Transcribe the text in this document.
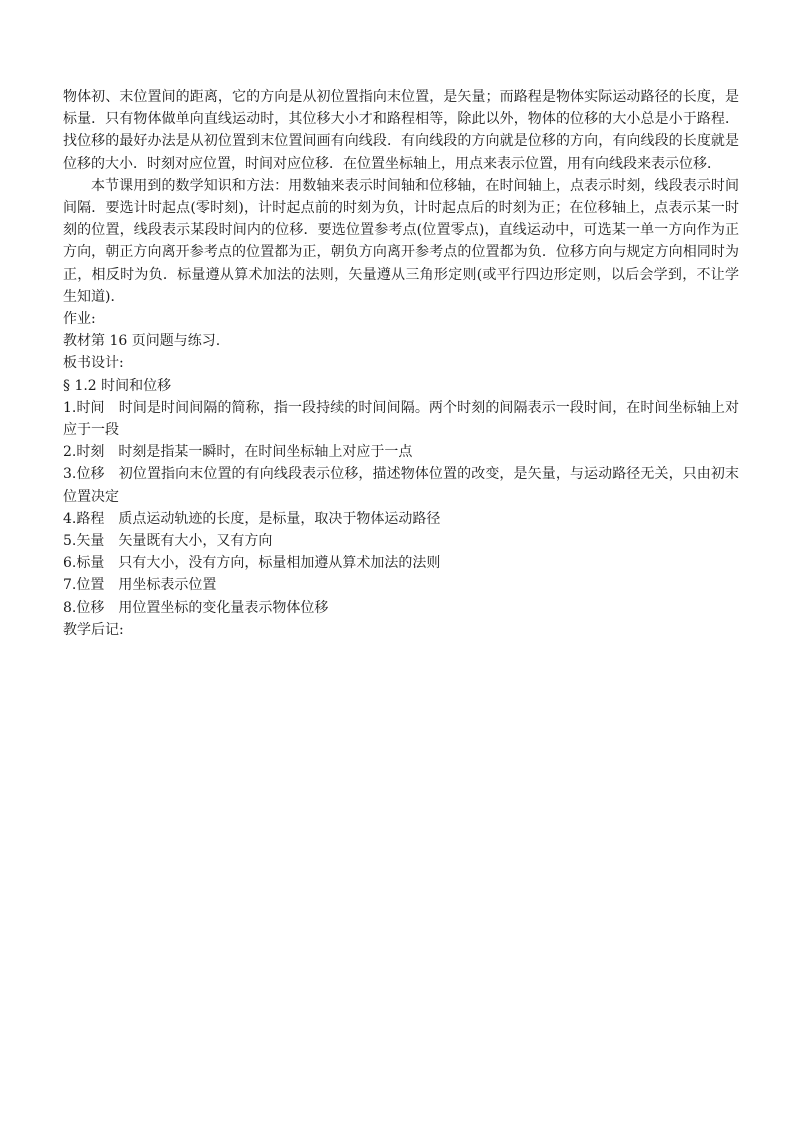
物体初、末位置间的距离，它的方向是从初位置指向末位置，是矢量；而路程是物体实际运动路径的长度，是标量．只有物体做单向直线运动时，其位移大小才和路程相等，除此以外，物体的位移的大小总是小于路程．找位移的最好办法是从初位置到末位置间画有向线段．有向线段的方向就是位移的方向，有向线段的长度就是位移的大小．时刻对应位置，时间对应位移．在位置坐标轴上，用点来表示位置，用有向线段来表示位移．

本节课用到的数学知识和方法：用数轴来表示时间轴和位移轴，在时间轴上，点表示时刻，线段表示时间间隔．要选计时起点(零时刻)，计时起点前的时刻为负，计时起点后的时刻为正；在位移轴上，点表示某一时刻的位置，线段表示某段时间内的位移．要选位置参考点(位置零点)，直线运动中，可选某一单一方向作为正方向，朝正方向离开参考点的位置都为正，朝负方向离开参考点的位置都为负．位移方向与规定方向相同时为正，相反时为负．标量遵从算术加法的法则，矢量遵从三角形定则(或平行四边形定则，以后会学到，不让学生知道)．

作业:

教材第 16 页问题与练习.

板书设计:

§ 1.2 时间和位移

1.时间 时间是时间间隔的简称，指一段持续的时间间隔。两个时刻的间隔表示一段时间，在时间坐标轴上对应于一段

2.时刻 时刻是指某一瞬时，在时间坐标轴上对应于一点

3.位移 初位置指向末位置的有向线段表示位移，描述物体位置的改变，是矢量，与运动路径无关，只由初末位置决定

4.路程 质点运动轨迹的长度，是标量，取决于物体运动路径

5.矢量 矢量既有大小，又有方向

6.标量 只有大小，没有方向，标量相加遵从算术加法的法则

7.位置 用坐标表示位置

8.位移 用位置坐标的变化量表示物体位移

教学后记:
